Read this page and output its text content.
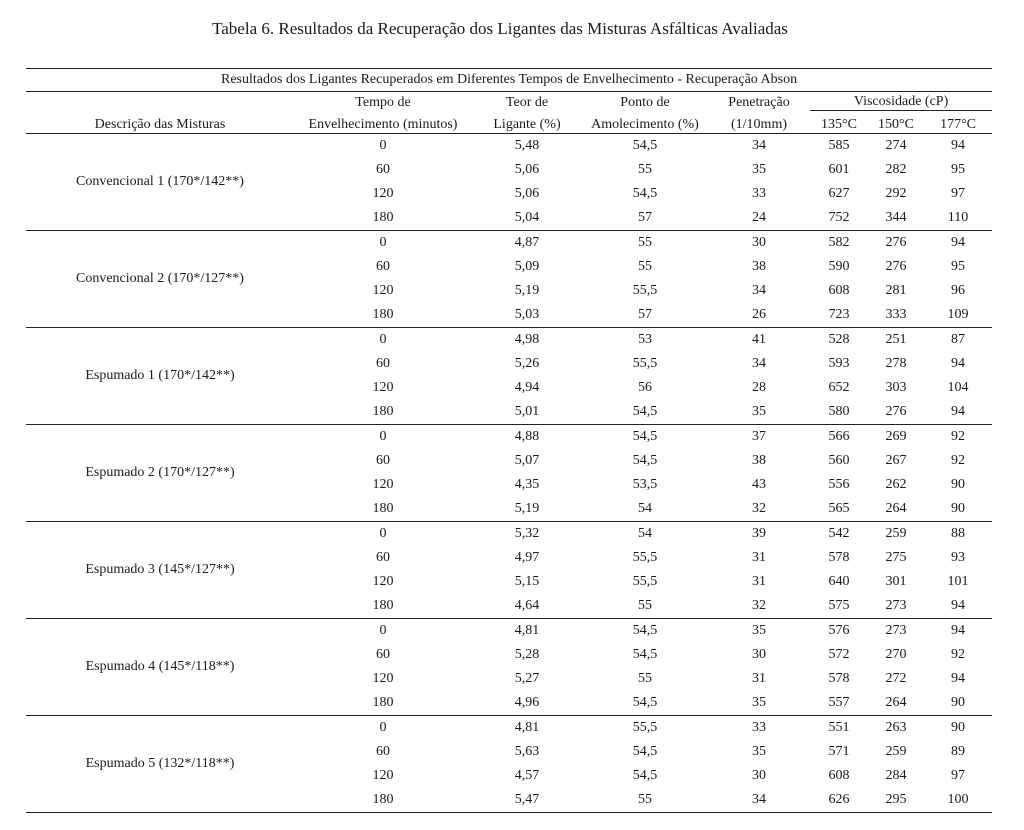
Tabela 6. Resultados da Recuperação dos Ligantes das Misturas Asfálticas Avaliadas
Resultados dos Ligantes Recuperados em Diferentes Tempos de Envelhecimento - Recuperação Abson							
Descrição das Misturas	Tempo de	Teor de	Ponto de	Penetração	Viscosidade (cP)		
	Envelhecimento (minutos)	Ligante (%)	Amolecimento (%)	(1/10mm)	135°C	150°C	177°C
Convencional 1 (170*/142**)	0	5,48	54,5	34	585	274	94
	60	5,06	55	35	601	282	95
	120	5,06	54,5	33	627	292	97
	180	5,04	57	24	752	344	110
Convencional 2 (170*/127**)	0	4,87	55	30	582	276	94
	60	5,09	55	38	590	276	95
	120	5,19	55,5	34	608	281	96
	180	5,03	57	26	723	333	109
Espumado 1 (170*/142**)	0	4,98	53	41	528	251	87
	60	5,26	55,5	34	593	278	94
	120	4,94	56	28	652	303	104
	180	5,01	54,5	35	580	276	94
Espumado 2 (170*/127**)	0	4,88	54,5	37	566	269	92
	60	5,07	54,5	38	560	267	92
	120	4,35	53,5	43	556	262	90
	180	5,19	54	32	565	264	90
Espumado 3 (145*/127**)	0	5,32	54	39	542	259	88
	60	4,97	55,5	31	578	275	93
	120	5,15	55,5	31	640	301	101
	180	4,64	55	32	575	273	94
Espumado 4 (145*/118**)	0	4,81	54,5	35	576	273	94
	60	5,28	54,5	30	572	270	92
	120	5,27	55	31	578	272	94
	180	4,96	54,5	35	557	264	90
Espumado 5 (132*/118**)	0	4,81	55,5	33	551	263	90
	60	5,63	54,5	35	571	259	89
	120	4,57	54,5	30	608	284	97
	180	5,47	55	34	626	295	100
